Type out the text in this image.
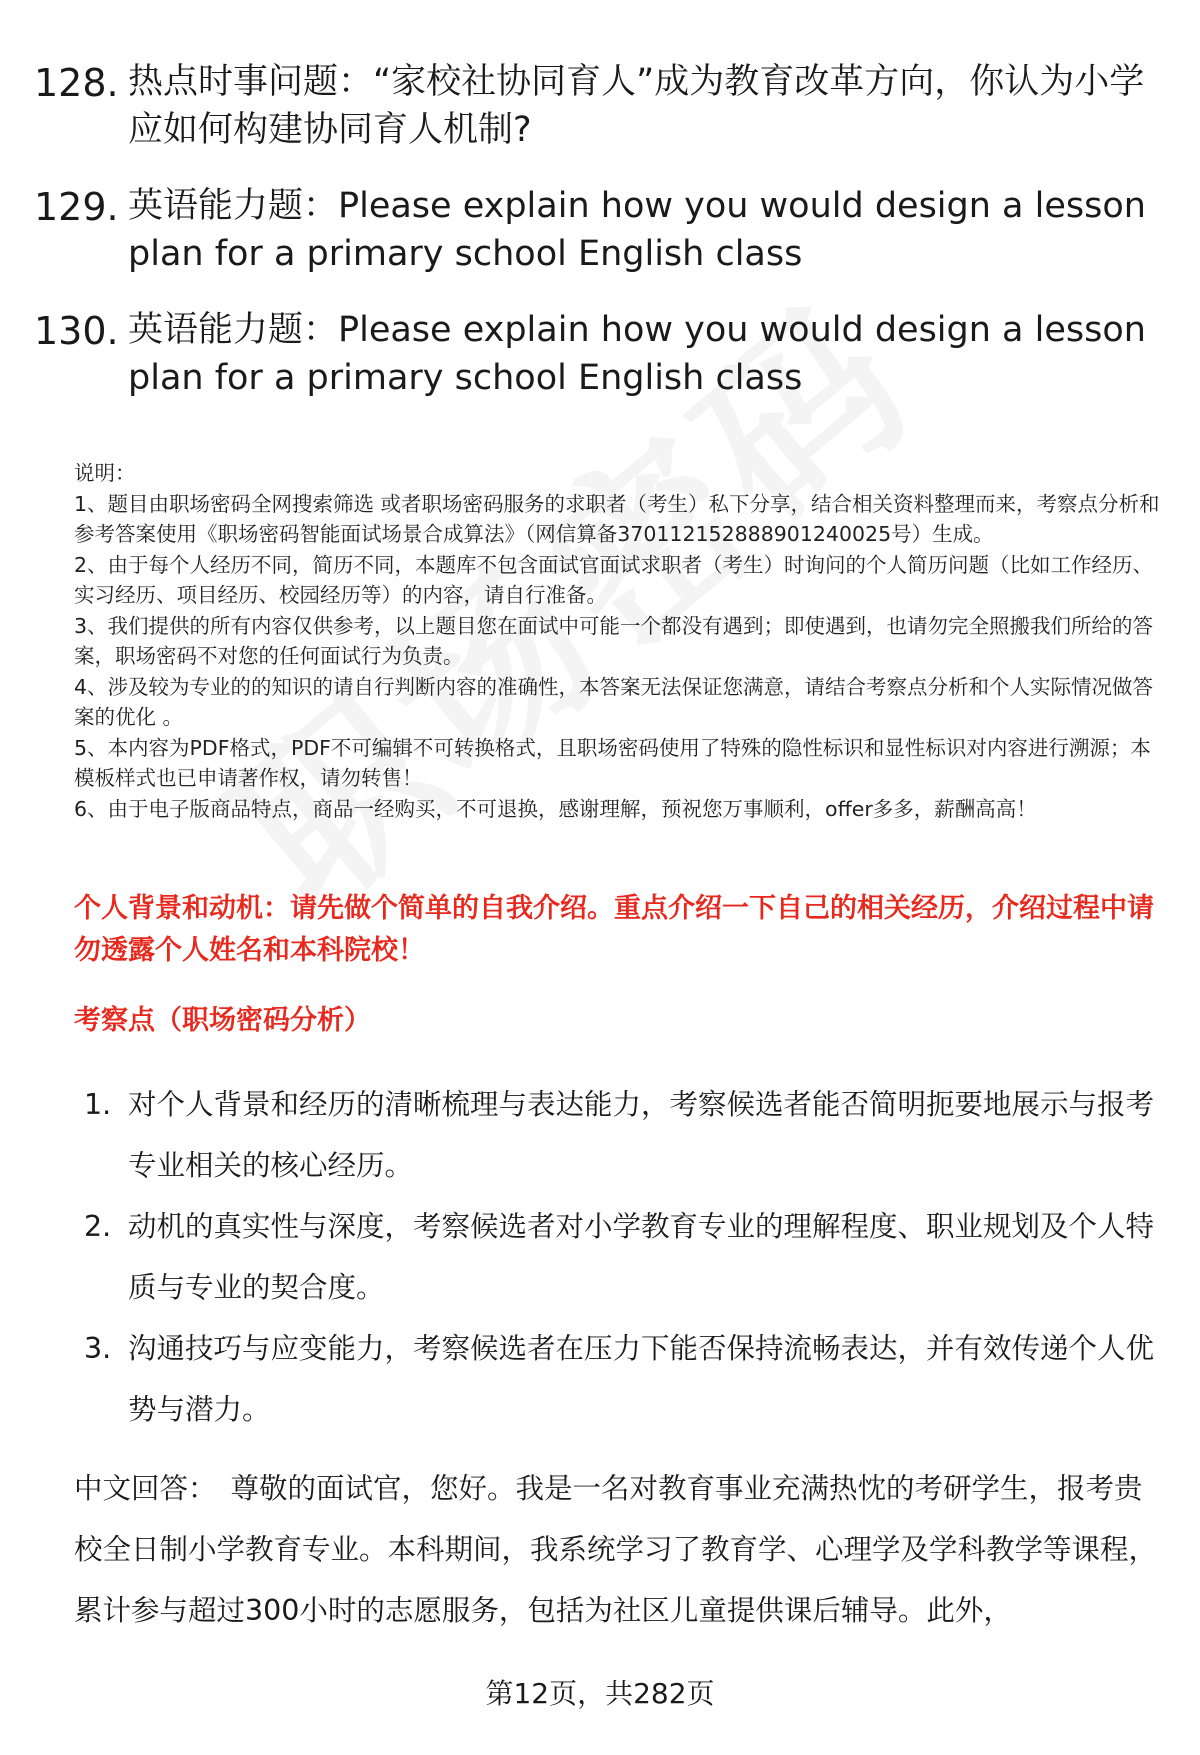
128. 热点时事问题：“家校社协同育人”成为教育改革方向，你认为小学应如何构建协同育人机制?
129. 英语能力题：Please explain how you would design a lesson plan for a primary school English class
130. 英语能力题：Please explain how you would design a lesson plan for a primary school English class

说明：

1、题目由职场密码全网搜索筛选 或者职场密码服务的求职者（考生）私下分享，结合相关资料整理而来，考察点分析和参考答案使用《职场密码智能面试场景合成算法》（网信算备370112152888901240025号）生成。

2、由于每个人经历不同，简历不同，本题库不包含面试官面试求职者（考生）时询问的个人简历问题（比如工作经历、实习经历、项目经历、校园经历等）的内容，请自行准备。

3、我们提供的所有内容仅供参考，以上题目您在面试中可能一个都没有遇到；即使遇到，也请勿完全照搬我们所给的答案，职场密码不对您的任何面试行为负责。

4、涉及较为专业的的知识的请自行判断内容的准确性，本答案无法保证您满意，请结合考察点分析和个人实际情况做答案的优化 。

5、本内容为PDF格式，PDF不可编辑不可转换格式，且职场密码使用了特殊的隐性标识和显性标识对内容进行溯源；本模板样式也已申请著作权，请勿转售！

6、由于电子版商品特点，商品一经购买，不可退换，感谢理解，预祝您万事顺利，offer多多，薪酬高高！

个人背景和动机：请先做个简单的自我介绍。重点介绍一下自己的相关经历，介绍过程中请勿透露个人姓名和本科院校！
考察点（职场密码分析）
1. 对个人背景和经历的清晰梳理与表达能力，考察候选者能否简明扼要地展示与报考专业相关的核心经历。
2. 动机的真实性与深度，考察候选者对小学教育专业的理解程度、职业规划及个人特质与专业的契合度。
3. 沟通技巧与应变能力，考察候选者在压力下能否保持流畅表达，并有效传递个人优势与潜力。
中文回答： 尊敬的面试官，您好。我是一名对教育事业充满热忱的考研学生，报考贵校全日制小学教育专业。本科期间，我系统学习了教育学、心理学及学科教学等课程，累计参与超过300小时的志愿服务，包括为社区儿童提供课后辅导。此外，
第12页，共282页
